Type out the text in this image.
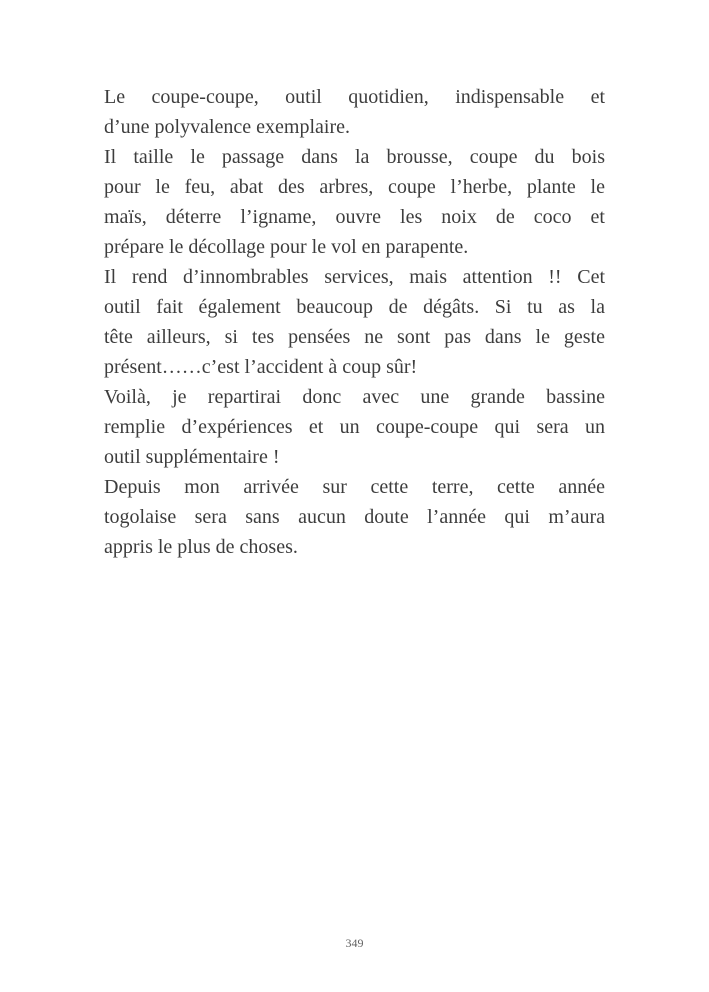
Le coupe-coupe, outil quotidien, indispensable et
d’une polyvalence exemplaire.

Il taille le passage dans la brousse, coupe du bois
pour le feu, abat des arbres, coupe l’herbe, plante le
maïs, déterre l’igname, ouvre les noix de coco et
prépare le décollage pour le vol en parapente.

Il rend d’innombrables services, mais attention !! Cet
outil fait également beaucoup de dégâts. Si tu as la
tête ailleurs, si tes pensées ne sont pas dans le geste
présent……c’est l’accident à coup sûr!

Voilà, je repartirai donc avec une grande bassine
remplie d’expériences et un coupe-coupe qui sera un
outil supplémentaire !

Depuis mon arrivée sur cette terre, cette année
togolaise sera sans aucun doute l’année qui m’aura
appris le plus de choses.

349
